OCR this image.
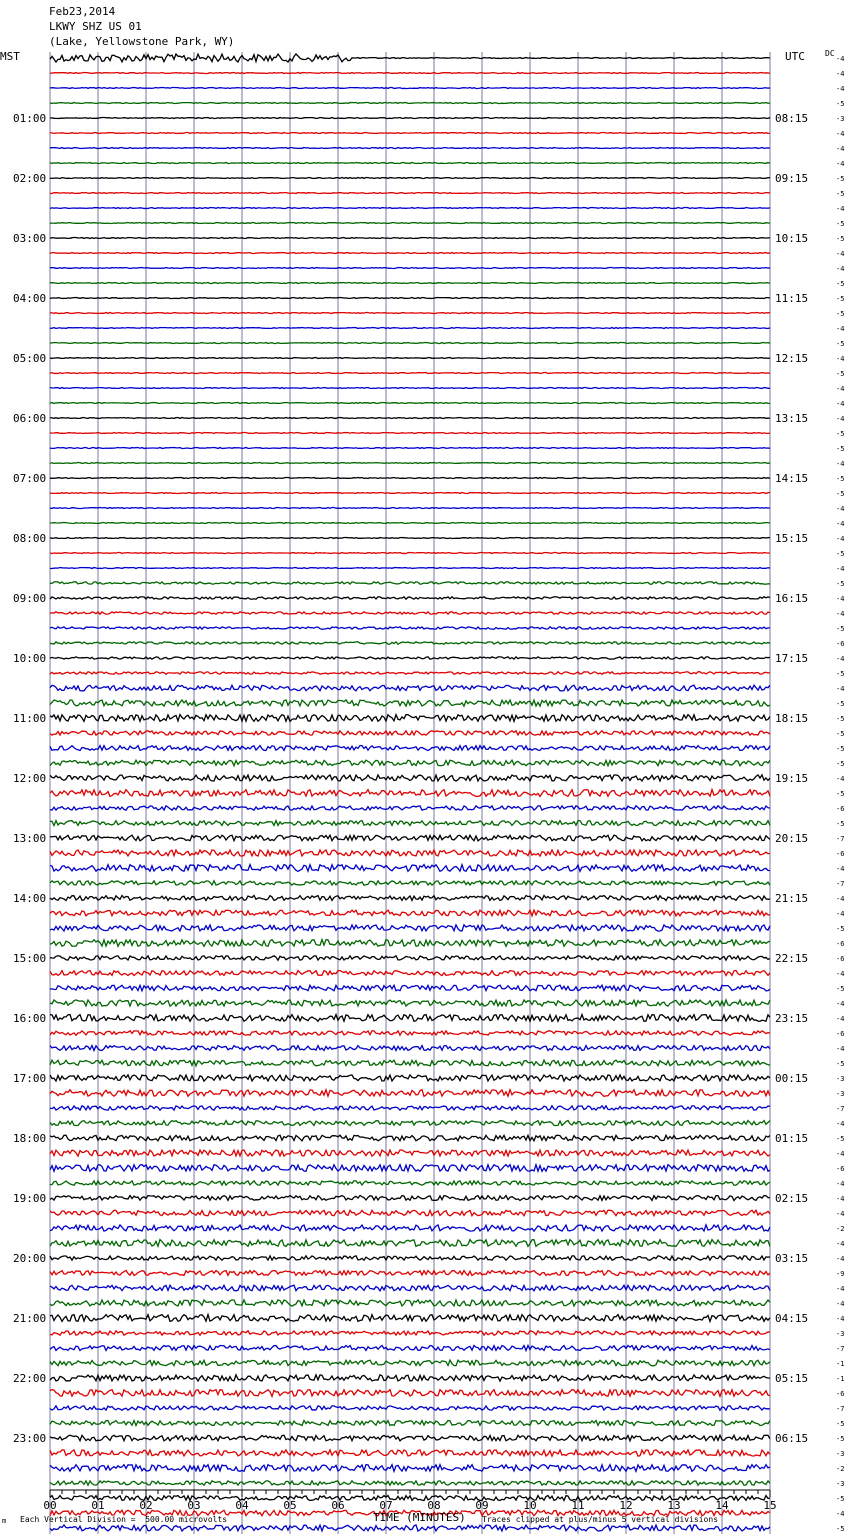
Feb23,2014
LKWY SHZ US 01
(Lake, Yellowstone Park, WY)
MST	UTC	DC
01:00
02:00
03:00
04:00
05:00
06:00
07:00
08:00
09:00
10:00
11:00
12:00
13:00
14:00
15:00
16:00
17:00
18:00
19:00
20:00
21:00
22:00
23:00
08:15
09:15
10:15
11:15
12:15
13:15
14:15
15:15
16:15
17:15
18:15
19:15
20:15
21:15
22:15
23:15
00:15
01:15
02:15
03:15
04:15
05:15
06:15
-4
-4
-4
-5
-3
-4
-4
-4
-5
-5
-4
-5
-5
-4
-4
-5
-5
-5
-4
-5
-4
-5
-4
-4
-4
-5
-5
-4
-5
-5
-4
-4
-4
-5
-4
-5
-4
-4
-5
-6
-4
-5
-4
-5
-5
-5
-5
-5
-4
-5
-6
-5
-7
-6
-4
-7
-4
-4
-5
-6
-6
-4
-5
-4
-4
-6
-4
-5
-3
-3
-7
-4
-5
-4
-6
-4
-4
-4
-2
-4
-4
-9
-4
-4
-4
-3
-7
-1
-1
-6
-7
-5
-5
-3
-2
-3
-5
-4
-5
00	01	02	03	04	05	06	07	08	09	10	11	12	13	14	15
m Each Vertical Division =  500.00 microvolts	TIME (MINUTES) Traces clipped at plus/minus 5 vertical divisions
